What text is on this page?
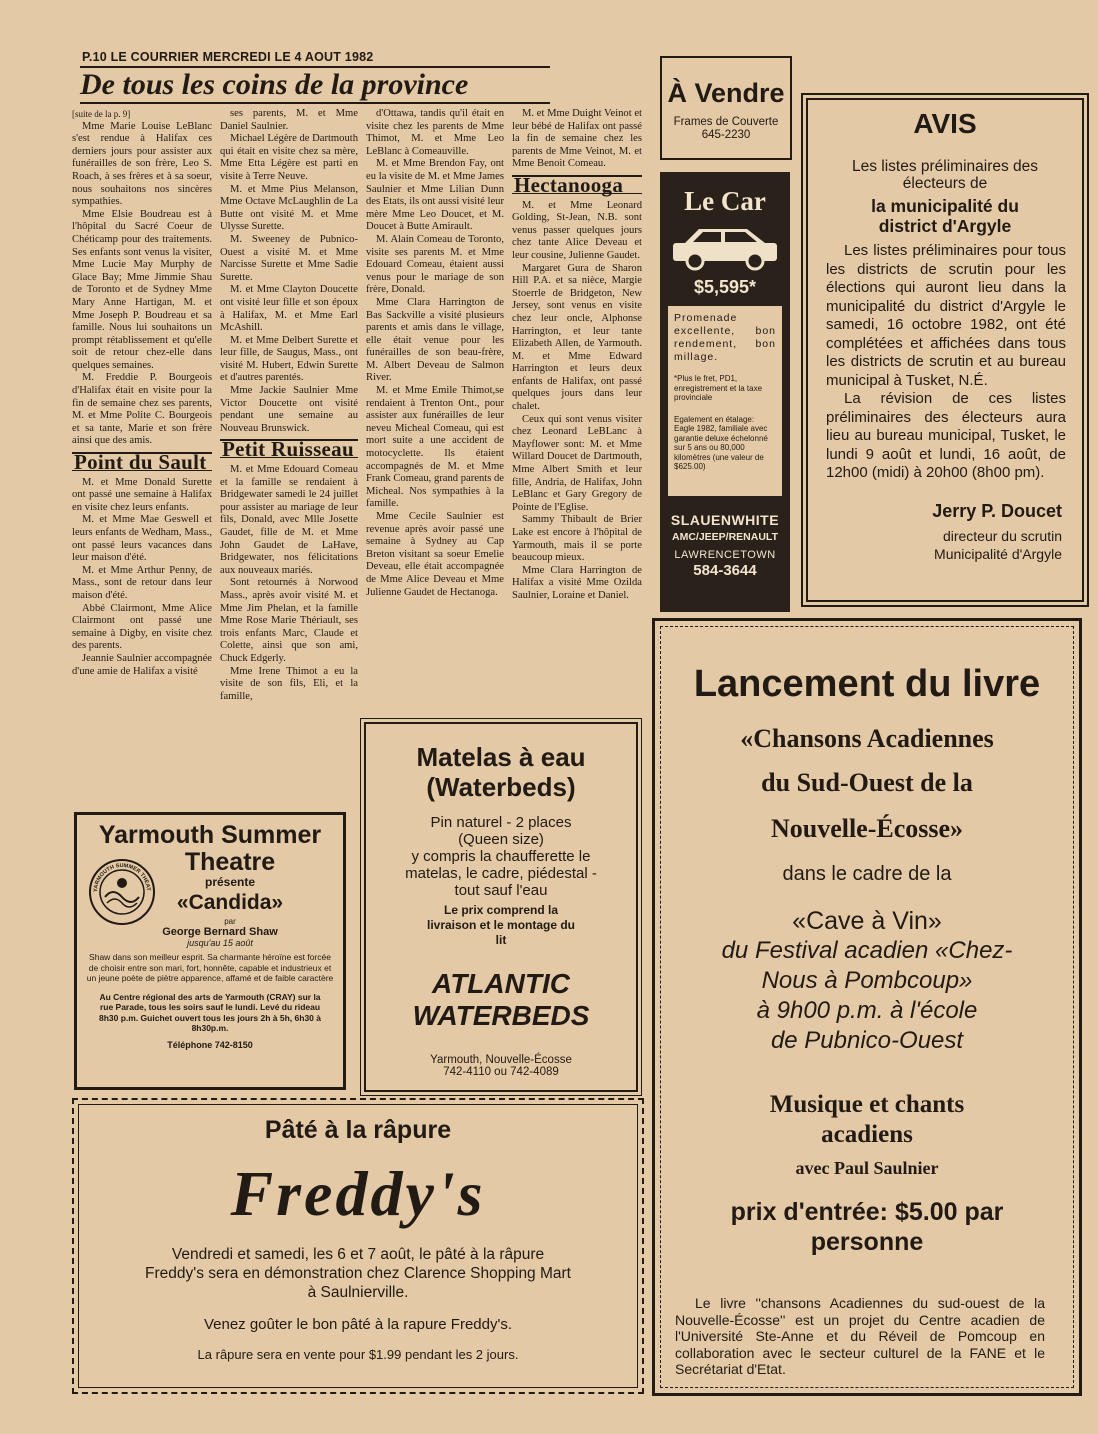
P.10 LE COURRIER MERCREDI LE 4 AOUT 1982
De tous les coins de la province

[suite de la p. 9]

Mme Marie Louise LeBlanc s'est rendue à Halifax ces derniers jours pour assister aux funérailles de son frère, Leo S. Roach, à ses frères et à sa soeur, nous souhaitons nos sincères sympathies.

Mme Elsie Boudreau est à l'hôpital du Sacré Coeur de Chéticamp pour des traitements. Ses enfants sont venus la visiter, Mme Lucie May Murphy de Glace Bay; Mme Jimmie Shau de Toronto et de Sydney Mme Mary Anne Hartigan, M. et Mme Joseph P. Boudreau et sa famille. Nous lui souhaitons un prompt rétablissement et qu'elle soit de retour chez-elle dans quelques semaines.

M. Freddie P. Bourgeois d'Halifax était en visite pour la fin de semaine chez ses parents, M. et Mme Polite C. Bourgeois et sa tante, Marie et son frère ainsi que des amis.

Point du Sault

M. et Mme Donald Surette ont passé une semaine à Halifax en visite chez leurs enfants.

M. et Mme Mae Geswell et leurs enfants de Wedham, Mass., ont passé leurs vacances dans leur maison d'été.

M. et Mme Arthur Penny, de Mass., sont de retour dans leur maison d'été.

Abbé Clairmont, Mme Alice Clairmont ont passé une semaine à Digby, en visite chez des parents.

Jeannie Saulnier accompagnée d'une amie de Halifax a visité

ses parents, M. et Mme Daniel Saulnier.

Michael Légère de Dartmouth qui était en visite chez sa mère, Mme Etta Légère est parti en visite à Terre Neuve.

M. et Mme Pius Melanson, Mme Octave McLaughlin de La Butte ont visité M. et Mme Ulysse Surette.

M. Sweeney de Pubnico-Ouest a visité M. et Mme Narcisse Surette et Mme Sadie Surette.

M. et Mme Clayton Doucette ont visité leur fille et son époux à Halifax, M. et Mme Earl McAshill.

M. et Mme Delbert Surette et leur fille, de Saugus, Mass., ont visité M. Hubert, Edwin Surette et d'autres parentés.

Mme Jackie Saulnier Mme Victor Doucette ont visité pendant une semaine au Nouveau Brunswick.

Petit Ruisseau

M. et Mme Edouard Comeau et la famille se rendaient à Bridgewater samedi le 24 juillet pour assister au mariage de leur fils, Donald, avec Mlle Josette Gaudet, fille de M. et Mme John Gaudet de LaHave, Bridgewater, nos félicitations aux nouveaux mariés.

Sont retournés à Norwood Mass., après avoir visité M. et Mme Jim Phelan, et la famille Mme Rose Marie Thériault, ses trois enfants Marc, Claude et Colette, ainsi que son ami, Chuck Edgerly.

Mme Irene Thimot a eu la visite de son fils, Eli, et la famille,

d'Ottawa, tandis qu'il était en visite chez les parents de Mme Thimot, M. et Mme Leo LeBlanc à Comeauville.

M. et Mme Brendon Fay, ont eu la visite de M. et Mme James Saulnier et Mme Lilian Dunn des Etats, ils ont aussi visité leur mère Mme Leo Doucet, et M. Doucet à Butte Amirault.

M. Alain Comeau de Toronto, visite ses parents M. et Mme Edouard Comeau, étaient aussi venus pour le mariage de son frère, Donald.

Mme Clara Harrington de Bas Sackville a visité plusieurs parents et amis dans le village, elle était venue pour les funérailles de son beau-frère, M. Albert Deveau de Salmon River.

M. et Mme Emile Thimot,se rendaient à Trenton Ont., pour assister aux funérailles de leur neveu Micheal Comeau, qui est mort suite a une accident de motocyclette. Ils étaient accompagnés de M. et Mme Frank Comeau, grand parents de Micheal. Nos sympathies à la famille.

Mme Cecile Saulnier est revenue après avoir passé une semaine à Sydney au Cap Breton visitant sa soeur Emelie Deveau, elle était accompagnée de Mme Alice Deveau et Mme Julienne Gaudet de Hectanoga.

M. et Mme Duight Veinot et leur bébé de Halifax ont passé la fin de semaine chez les parents de Mme Veinot, M. et Mme Benoit Comeau.

Hectanooga

M. et Mme Leonard Golding, St-Jean, N.B. sont venus passer quelques jours chez tante Alice Deveau et leur cousine, Julienne Gaudet.

Margaret Gura de Sharon Hill P.A. et sa nièce, Margie Stoerrle de Bridgeton, New Jersey, sont venus en visite chez leur oncle, Alphonse Harrington, et leur tante Elizabeth Allen, de Yarmouth. M. et Mme Edward Harrington et leurs deux enfants de Halifax, ont passé quelques jours dans leur chalet.

Ceux qui sont venus visiter chez Leonard LeBLanc à Mayflower sont: M. et Mme Willard Doucet de Dartmouth, Mme Albert Smith et leur fille, Andria, de Halifax, John LeBlanc et Gary Gregory de Pointe de l'Eglise.

Sammy Thibault de Brier Lake est encore à l'hôpital de Yarmouth, mais il se porte beaucoup mieux.

Mme Clara Harrington de Halifax a visité Mme Ozilda Saulnier, Loraine et Daniel.

À Vendre
Frames de Couverte
645-2230
Le Car
$5,595*
Promenade excellente, bon rendement, bon millage.
*Plus le fret, PD1, enregistrement et la taxe provinciale
Egalement en étalage: Eagle 1982, familiale avec garantie deluxe échelonné sur 5 ans ou 80,000 kilomètres (une valeur de $625.00)
SLAUENWHITE
AMC/JEEP/RENAULT
LAWRENCETOWN
584-3644
AVIS
Les listes préliminaires des électeurs de
la municipalité du district d'Argyle
Les listes préliminaires pour tous les districts de scrutin pour les élections qui auront lieu dans la municipalité du district d'Argyle le samedi, 16 octobre 1982, ont été complétées et affichées dans tous les districts de scrutin et au bureau municipal à Tusket, N.É.
La révision de ces listes préliminaires des électeurs aura lieu au bureau municipal, Tusket, le lundi 9 août et lundi, 16 août, de 12h00 (midi) à 20h00 (8h00 pm).
Jerry P. Doucet
directeur du scrutin
Municipalité d'Argyle
Yarmouth Summer
YARMOUTH SUMMER THEAT
Theatre
présente
«Candida»
par
George Bernard Shaw
jusqu'au 15 août
Shaw dans son meilleur esprit. Sa charmante héroïne est forcée de choisir entre son mari, fort, honnête, capable et industrieux et un jeune poète de piètre apparence, affamé et de faible caractère
Au Centre régional des arts de Yarmouth (CRAY) sur la rue Parade, tous les soirs sauf le lundi. Levé du rideau 8h30 p.m. Guichet ouvert tous les jours 2h à 5h, 6h30 à 8h30p.m.
Téléphone 742-8150
Matelas à eau
(Waterbeds)
Pin naturel - 2 places
(Queen size)
y compris la chaufferette le matelas, le cadre, piédestal - tout sauf l'eau
Le prix comprend la livraison et le montage du lit
ATLANTIC
WATERBEDS
Yarmouth, Nouvelle-Écosse
742-4110 ou 742-4089
Pâté à la râpure
Freddy's
Vendredi et samedi, les 6 et 7 août, le pâté à la râpure Freddy's sera en démonstration chez Clarence Shopping Mart à Saulnierville.
Venez goûter le bon pâté à la rapure Freddy's.
La râpure sera en vente pour $1.99 pendant les 2 jours.
Lancement du livre
«Chansons Acadiennes
du Sud-Ouest de la
Nouvelle-Écosse»
dans le cadre de la
«Cave à Vin»
du Festival acadien «Chez-
Nous à Pombcoup»
à 9h00 p.m. à l'école
de Pubnico-Ouest
Musique et chants
acadiens
avec Paul Saulnier
prix d'entrée: $5.00 par
personne
Le livre ''chansons Acadiennes du sud-ouest de la Nouvelle-Écosse'' est un projet du Centre acadien de l'Université Ste-Anne et du Réveil de Pomcoup en collaboration avec le secteur culturel de la FANE et le Secrétariat d'Etat.
